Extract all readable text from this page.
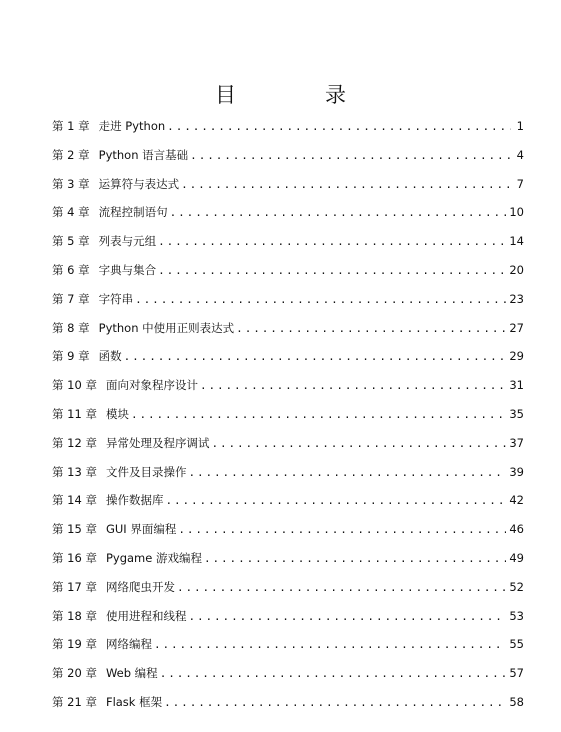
目　录
第 1 章 走进 Python .....	1
第 2 章 Python 语言基础 .....	4
第 3 章 运算符与表达式 .....	7
第 4 章 流程控制语句 .....	10
第 5 章 列表与元组 .....	14
第 6 章 字典与集合 .....	20
第 7 章 字符串 .....	23
第 8 章 Python 中使用正则表达式 .....	27
第 9 章 函数 .....	29
第 10 章 面向对象程序设计 .....	31
第 11 章 模块 .....	35
第 12 章 异常处理及程序调试 .....	37
第 13 章 文件及目录操作 .....	39
第 14 章 操作数据库 .....	42
第 15 章 GUI 界面编程 .....	46
第 16 章 Pygame 游戏编程 .....	49
第 17 章 网络爬虫开发 .....	52
第 18 章 使用进程和线程 .....	53
第 19 章 网络编程 .....	55
第 20 章 Web 编程 .....	57
第 21 章 Flask 框架 .....	58
